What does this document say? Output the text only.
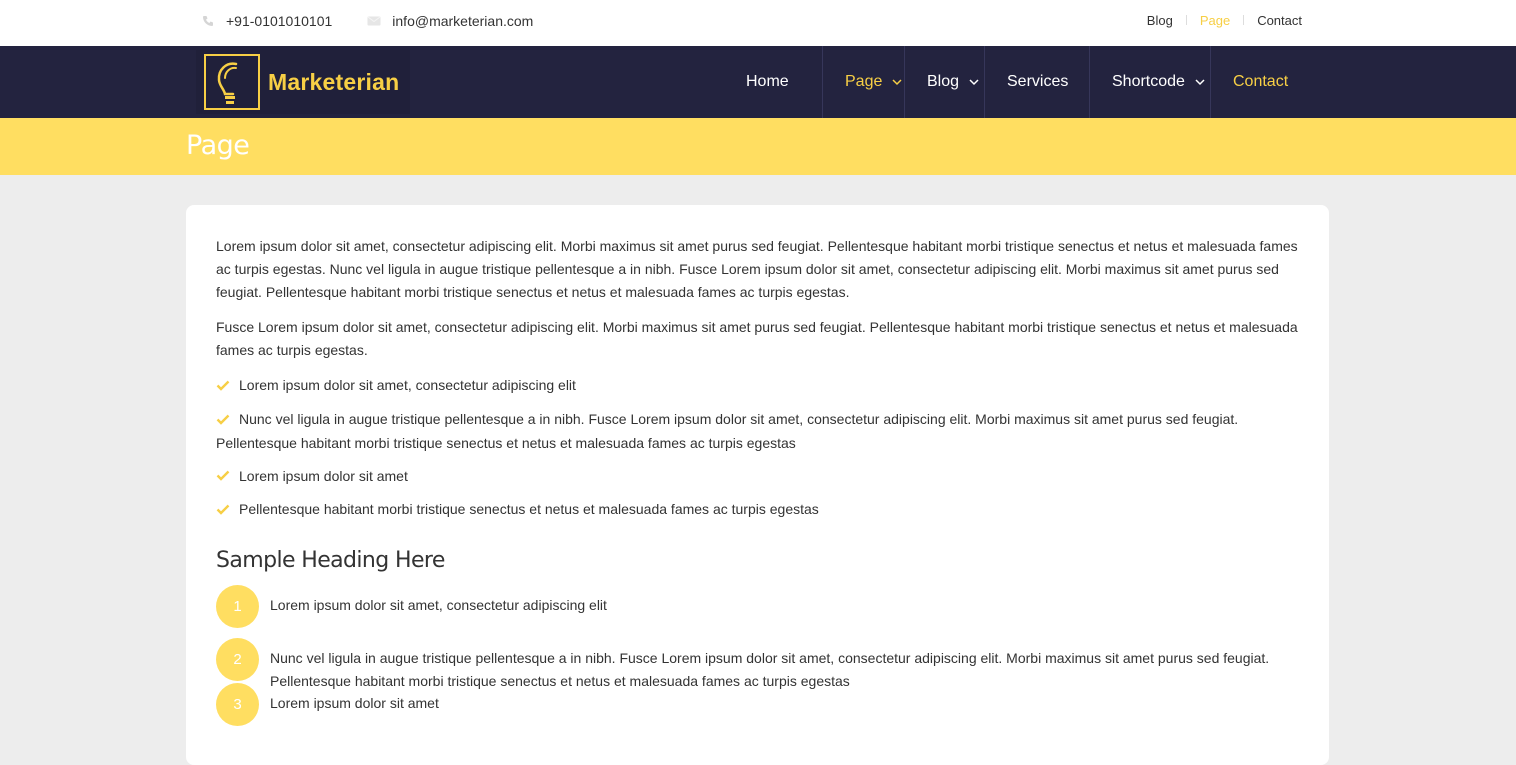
+91-0101010101	info@marketerian.com	Blog Page Contact
Marketerian	Home	Page	Blog	Services	Shortcode	Contact
Page

Lorem ipsum dolor sit amet, consectetur adipiscing elit. Morbi maximus sit amet purus sed feugiat. Pellentesque habitant morbi tristique senectus et netus et malesuada fames ac turpis egestas. Nunc vel ligula in augue tristique pellentesque a in nibh. Fusce Lorem ipsum dolor sit amet, consectetur adipiscing elit. Morbi maximus sit amet purus sed feugiat. Pellentesque habitant morbi tristique senectus et netus et malesuada fames ac turpis egestas.

Fusce Lorem ipsum dolor sit amet, consectetur adipiscing elit. Morbi maximus sit amet purus sed feugiat. Pellentesque habitant morbi tristique senectus et netus et malesuada fames ac turpis egestas.

Lorem ipsum dolor sit amet, consectetur adipiscing elit
Nunc vel ligula in augue tristique pellentesque a in nibh. Fusce Lorem ipsum dolor sit amet, consectetur adipiscing elit. Morbi maximus sit amet purus sed feugiat. Pellentesque habitant morbi tristique senectus et netus et malesuada fames ac turpis egestas
Lorem ipsum dolor sit amet
Pellentesque habitant morbi tristique senectus et netus et malesuada fames ac turpis egestas
Sample Heading Here
1	Lorem ipsum dolor sit amet, consectetur adipiscing elit
2	Nunc vel ligula in augue tristique pellentesque a in nibh. Fusce Lorem ipsum dolor sit amet, consectetur adipiscing elit. Morbi maximus sit amet purus sed feugiat. Pellentesque habitant morbi tristique senectus et netus et malesuada fames ac turpis egestas
3	Lorem ipsum dolor sit amet
